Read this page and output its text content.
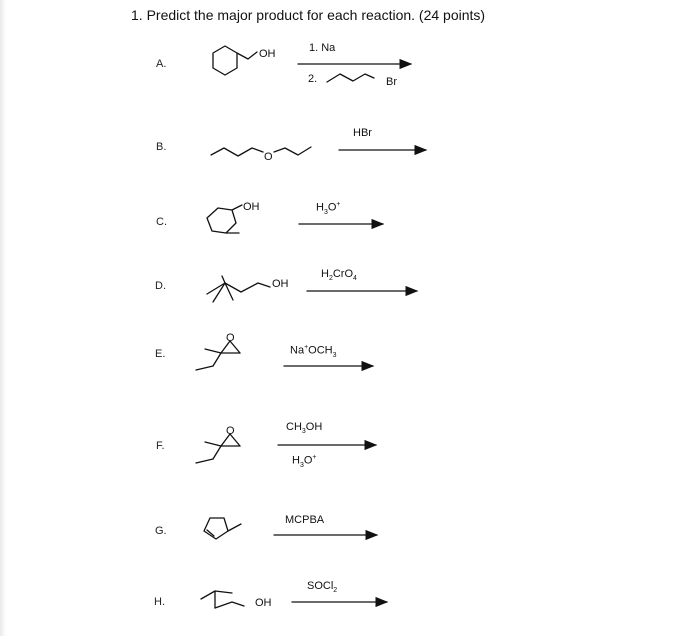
1. Predict the major product for each reaction. (24 points)
A.
B.
C.
D.
E.
F.
G.
H.
1. Na
2.
HBr
$H_3O^+$
$H_2CrO_4$
$Na^+OCH_3$
$CH_3OH$
$H_3O^+$
MCPBA
SOCl$_2$
OH
Br
O
OH
OH
O
O
OH
